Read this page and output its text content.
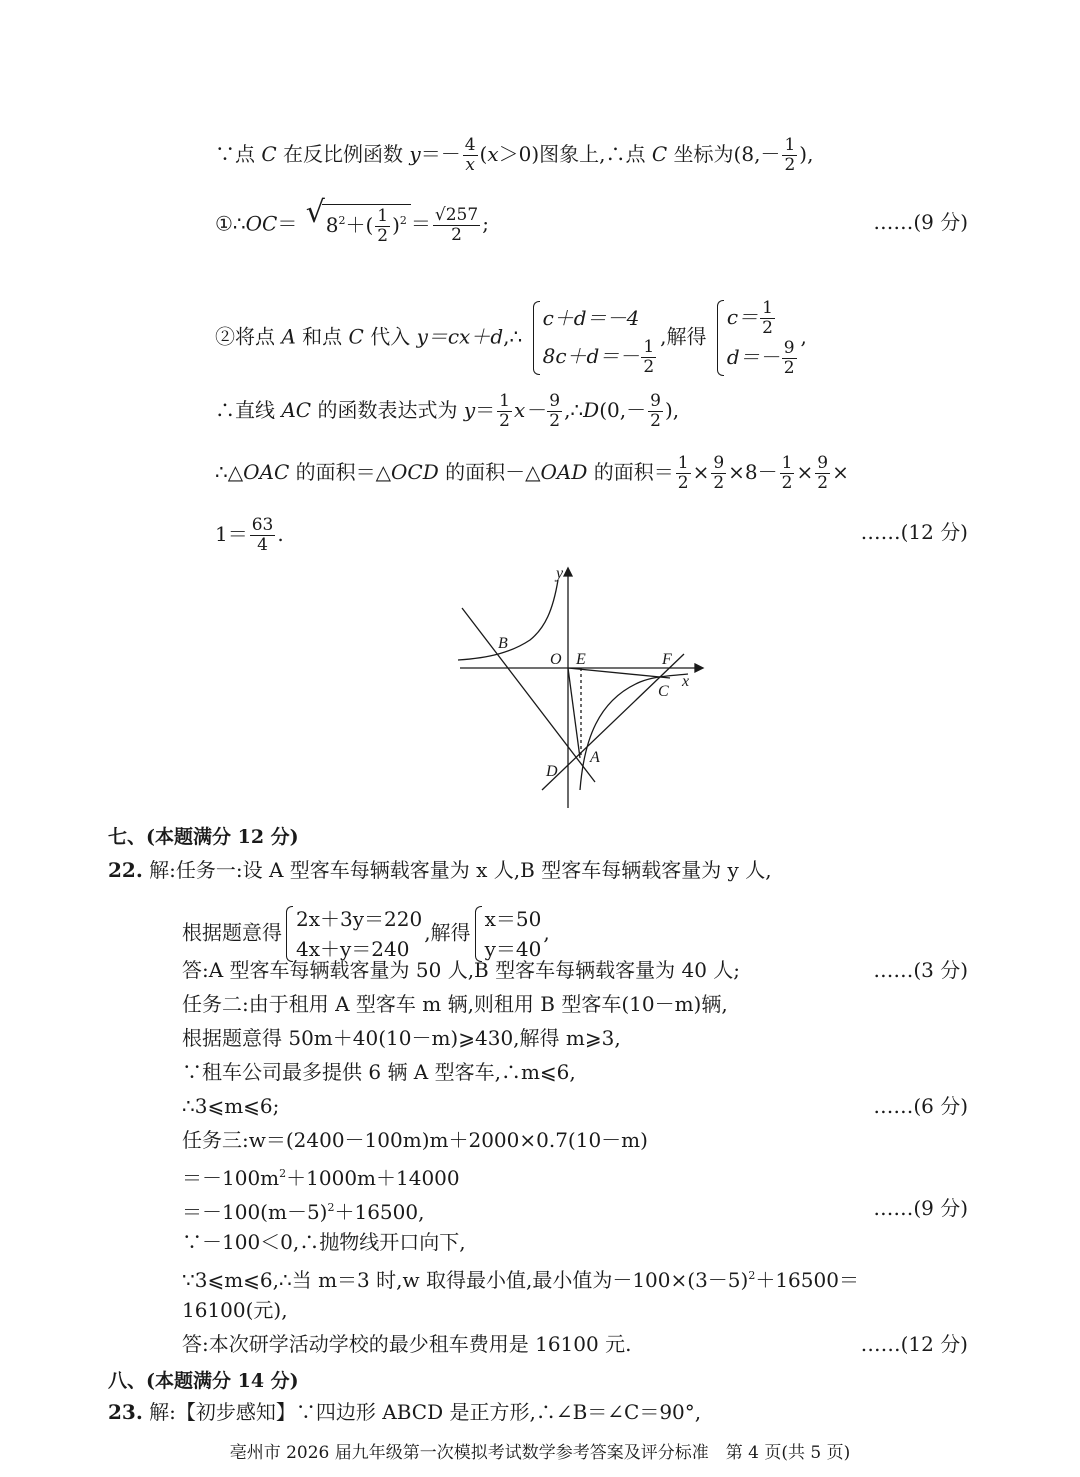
∵点 C 在反比例函数 $y=- \frac{4}{x} (x>0)$图象上,∴点 C 坐标为($8,- \frac{1}{2}$ ),
①∴OC＝ √ $8^2+( \frac{1}{2} )^2 = \frac{√257}{2}$ ;	……(9 分)
②将点 A 和点 C 代入 y＝cx＋d,∴
c＋d＝－4
$8c+d=- \frac{1}{2}$
,解得
$c= \frac{1}{2}$
$d=- \frac{9}{2}$
,
∴直线 AC 的函数表达式为 $y= \frac{1}{2} x- \frac{9}{2}$ ,∴D(0,－ $\frac{9}{2}$ ),
∴△OAC 的面积＝△OCD 的面积－△OAD 的面积＝ $\frac{1}{2} \times \frac{9}{2} \times 8- \frac{1}{2} \times \frac{9}{2}$ ×
$1= \frac{63}{4}$ .	……(12 分)
y
x
O E	F
B
C
A
D
七、(本题满分 12 分)
22. 解:任务一:设 A 型客车每辆载客量为 x 人,B 型客车每辆载客量为 y 人,
根据题意得
2x＋3y＝220
4x＋y＝240
,解得
x＝50
y＝40
,
答:A 型客车每辆载客量为 50 人,B 型客车每辆载客量为 40 人;	……(3 分)
任务二:由于租用 A 型客车 m 辆,则租用 B 型客车(10－m)辆,
根据题意得 50m＋40(10－m)⩾430,解得 m⩾3,
∵租车公司最多提供 6 辆 A 型客车,∴m⩽6,
∴3⩽m⩽6;	……(6 分)
任务三:w＝(2400－100m)m＋2000×0.7(10－m)
$=-100m^2+1000m+14000$
$=-100(m-5)^2+16500$,	……(9 分)
∵－100＜0,∴抛物线开口向下,
∵3⩽m⩽6,∴当 m＝3 时,w 取得最小值,最小值为$-100\times(3-5)^2+16500=$
16100(元),
答:本次研学活动学校的最少租车费用是 16100 元.	……(12 分)
八、(本题满分 14 分)
23. 解:【初步感知】∵四边形 ABCD 是正方形,∴∠B＝∠C＝90°,
亳州市 2026 届九年级第一次模拟考试数学参考答案及评分标准　第 4 页(共 5 页)
